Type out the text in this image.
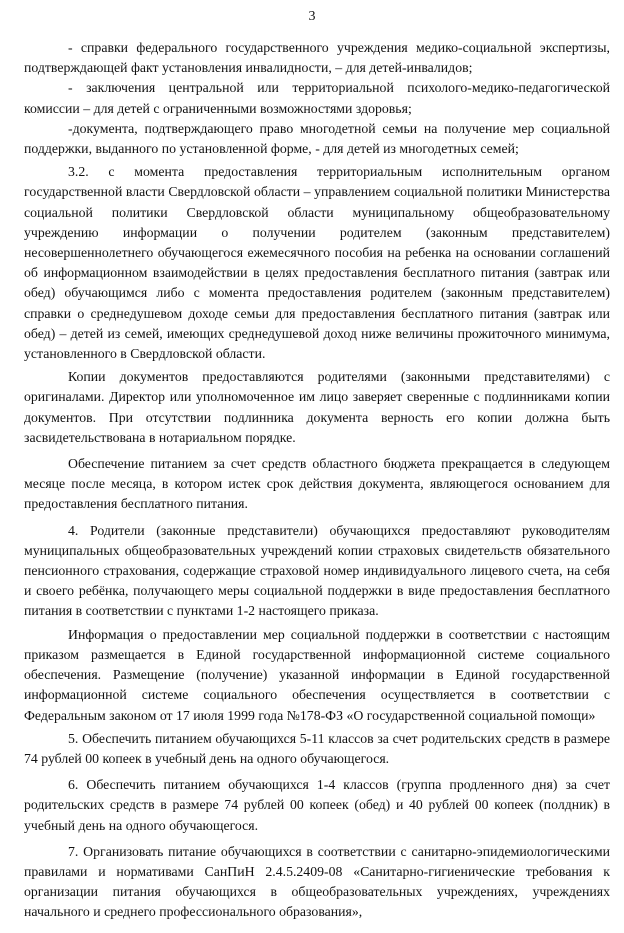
3

- справки федерального государственного учреждения медико-социальной экспертизы, подтверждающей факт установления инвалидности, – для детей-инвалидов;

- заключения центральной или территориальной психолого-медико-педагогической комиссии – для детей с ограниченными возможностями здоровья;

-документа, подтверждающего право многодетной семьи на получение мер социальной поддержки, выданного по установленной форме, - для детей из многодетных семей;

3.2. с момента предоставления территориальным исполнительным органом государственной власти Свердловской области – управлением социальной политики Министерства социальной политики Свердловской области муниципальному общеобразовательному учреждению информации о получении родителем (законным представителем) несовершеннолетнего обучающегося ежемесячного пособия на ребенка на основании соглашений об информационном взаимодействии в целях предоставления бесплатного питания (завтрак или обед) обучающимся либо с момента предоставления родителем (законным представителем) справки о среднедушевом доходе семьи для предоставления бесплатного питания (завтрак или обед) – детей из семей, имеющих среднедушевой доход ниже величины прожиточного минимума, установленного в Свердловской области.

Копии документов предоставляются родителями (законными представителями) с оригиналами. Директор или уполномоченное им лицо заверяет сверенные с подлинниками копии документов. При отсутствии подлинника документа верность его копии должна быть засвидетельствована в нотариальном порядке.

Обеспечение питанием за счет средств областного бюджета прекращается в следующем месяце после месяца, в котором истек срок действия документа, являющегося основанием для предоставления бесплатного питания.

4. Родители (законные представители) обучающихся предоставляют руководителям муниципальных общеобразовательных учреждений копии страховых свидетельств обязательного пенсионного страхования, содержащие страховой номер индивидуального лицевого счета, на себя и своего ребёнка, получающего меры социальной поддержки в виде предоставления бесплатного питания в соответствии с пунктами 1-2 настоящего приказа.

Информация о предоставлении мер социальной поддержки в соответствии с настоящим приказом размещается в Единой государственной информационной системе социального обеспечения. Размещение (получение) указанной информации в Единой государственной информационной системе социального обеспечения осуществляется в соответствии с Федеральным законом от 17 июля 1999 года №178-ФЗ «О государственной социальной помощи»

5. Обеспечить питанием обучающихся 5-11 классов за счет родительских средств в размере 74 рублей 00 копеек в учебный день на одного обучающегося.

6. Обеспечить питанием обучающихся 1-4 классов (группа продленного дня) за счет родительских средств в размере 74 рублей 00 копеек (обед) и 40 рублей 00 копеек (полдник) в учебный день на одного обучающегося.

7. Организовать питание обучающихся в соответствии с санитарно-эпидемиологическими правилами и нормативами СанПиН 2.4.5.2409-08 «Санитарно-гигиенические требования к организации питания обучающихся в общеобразовательных учреждениях, учреждениях начального и среднего профессионального образования»,
